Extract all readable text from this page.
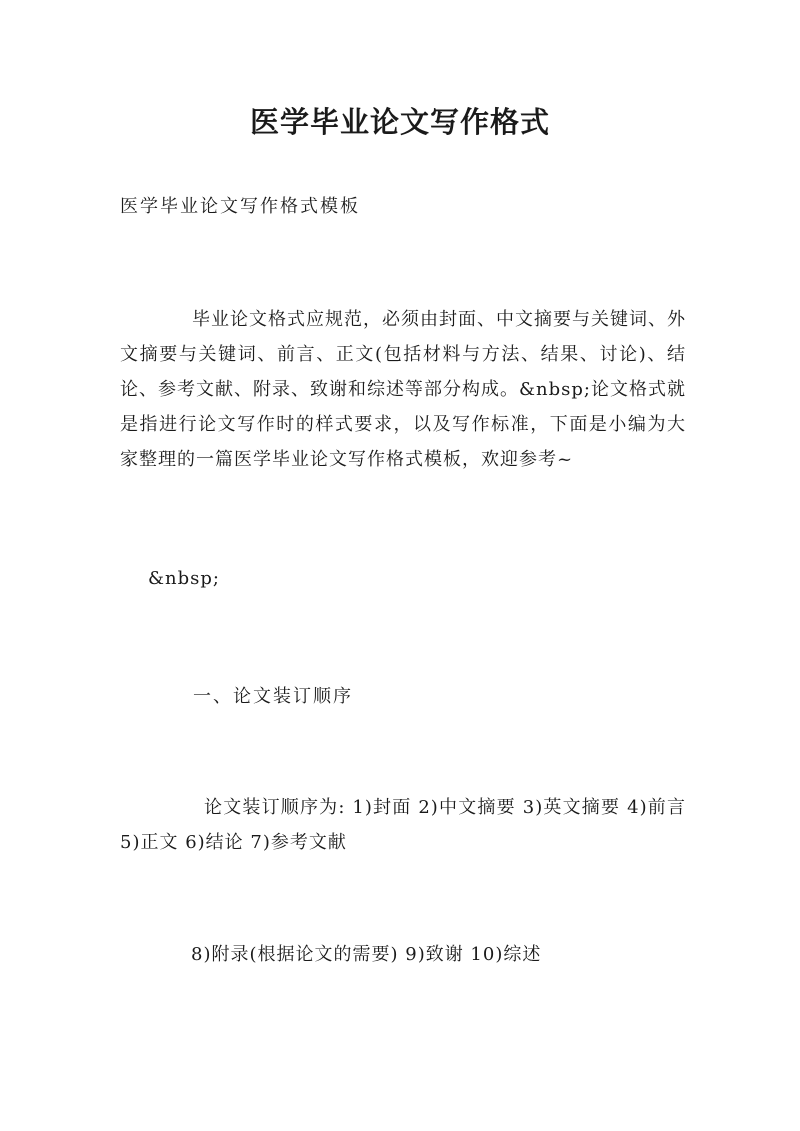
医学毕业论文写作格式
医学毕业论文写作格式模板
毕业论文格式应规范，必须由封面、中文摘要与关键词、外文摘要与关键词、前言、正文(包括材料与方法、结果、讨论)、结论、参考文献、附录、致谢和综述等部分构成。&nbsp;论文格式就是指进行论文写作时的样式要求，以及写作标准，下面是小编为大家整理的一篇医学毕业论文写作格式模板，欢迎参考~
&nbsp;
一、论文装订顺序
论文装订顺序为: 1)封面 2)中文摘要 3)英文摘要 4)前言 5)正文 6)结论 7)参考文献
8)附录(根据论文的需要) 9)致谢 10)综述
